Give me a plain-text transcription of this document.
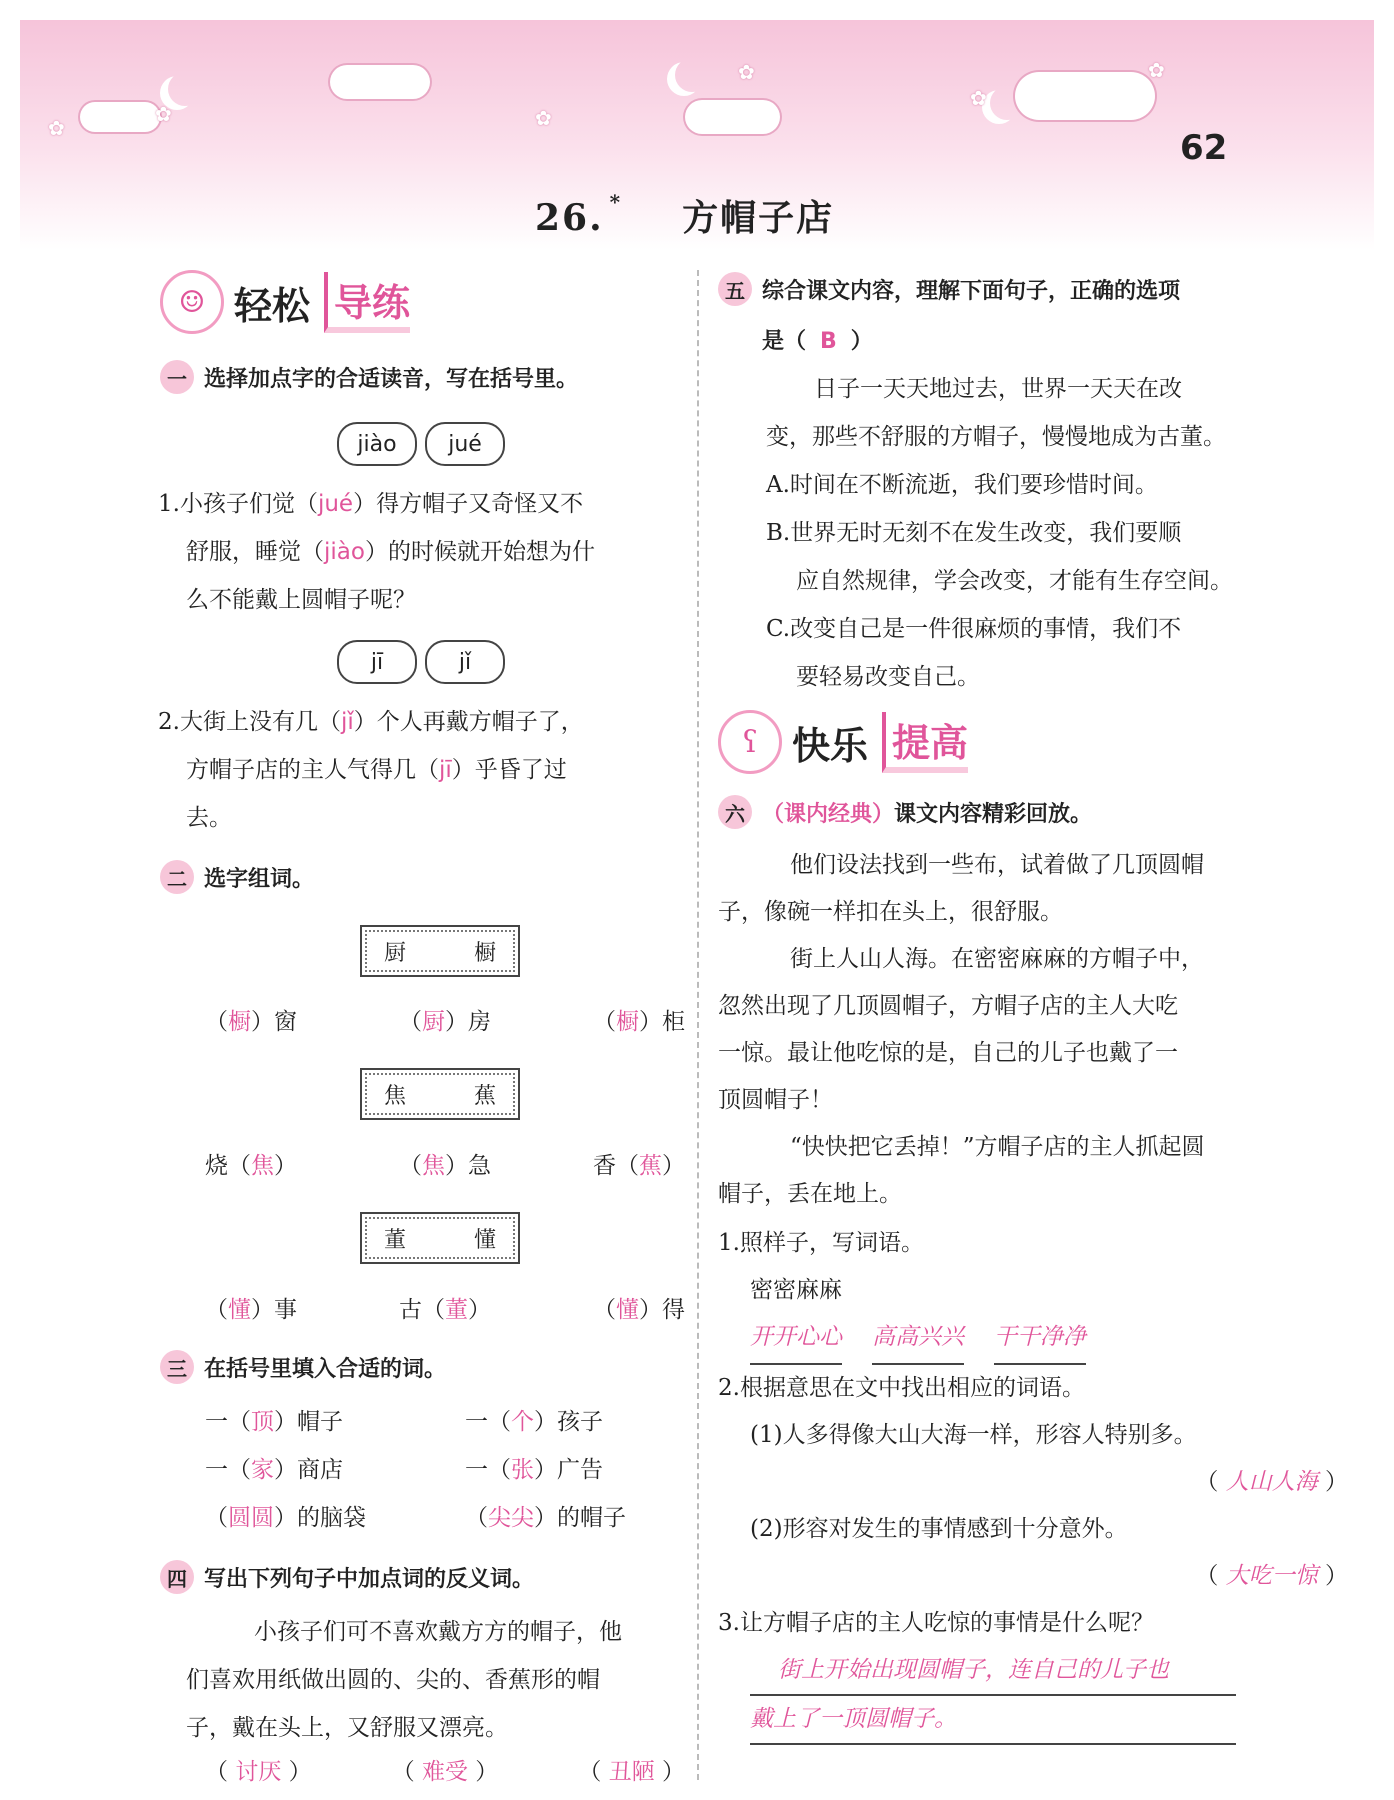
✿
✿	✿
✿
✿
✿
62
26. * 方帽子店
☺ 轻松 导练
一 选择加点字的合适读音，写在括号里。
jiào	jué
1.小孩子们觉（jué）得方帽子又奇怪又不
舒服，睡觉（jiào）的时候就开始想为什
么不能戴上圆帽子呢？
jī	jǐ
2.大街上没有几（jǐ）个人再戴方帽子了，
方帽子店的主人气得几（jī）乎昏了过
去。
二 选字组词。
厨	橱
（橱）窗	（厨）房	（橱）柜
焦	蕉
烧（焦）	（焦）急	香（蕉）
董	懂
（懂）事	古（董）	（懂）得
三 在括号里填入合适的词。
一（顶）帽子	一（个）孩子
一（家）商店	一（张）广告
（圆圆）的脑袋	（尖尖）的帽子
四 写出下列句子中加点词的反义词。
小孩子们可不喜欢戴方方的帽子，他
们喜欢用纸做出圆的、尖的、香蕉形的帽
子，戴在头上，又舒服又漂亮。
（ 讨厌 ）	（ 难受 ）	（ 丑陋 ）
五 综合课文内容，理解下面句子，正确的选项
是（ B ）
日子一天天地过去，世界一天天在改
变，那些不舒服的方帽子，慢慢地成为古董。
A.时间在不断流逝，我们要珍惜时间。
B.世界无时无刻不在发生改变，我们要顺
应自然规律，学会改变，才能有生存空间。
C.改变自己是一件很麻烦的事情，我们不
要轻易改变自己。
ʕ 快乐 提高
六 （课内经典） 课文内容精彩回放。
他们设法找到一些布，试着做了几顶圆帽
子，像碗一样扣在头上，很舒服。
街上人山人海。在密密麻麻的方帽子中，
忽然出现了几顶圆帽子，方帽子店的主人大吃
一惊。最让他吃惊的是，自己的儿子也戴了一
顶圆帽子！
“快快把它丢掉！”方帽子店的主人抓起圆
帽子，丢在地上。
1.照样子，写词语。
密密麻麻
开开心心 高高兴兴 干干净净
2.根据意思在文中找出相应的词语。
(1)人多得像大山大海一样，形容人特别多。
（ 人山人海 ）
(2)形容对发生的事情感到十分意外。
（ 大吃一惊 ）
3.让方帽子店的主人吃惊的事情是什么呢？
街上开始出现圆帽子，连自己的儿子也
戴上了一顶圆帽子。
